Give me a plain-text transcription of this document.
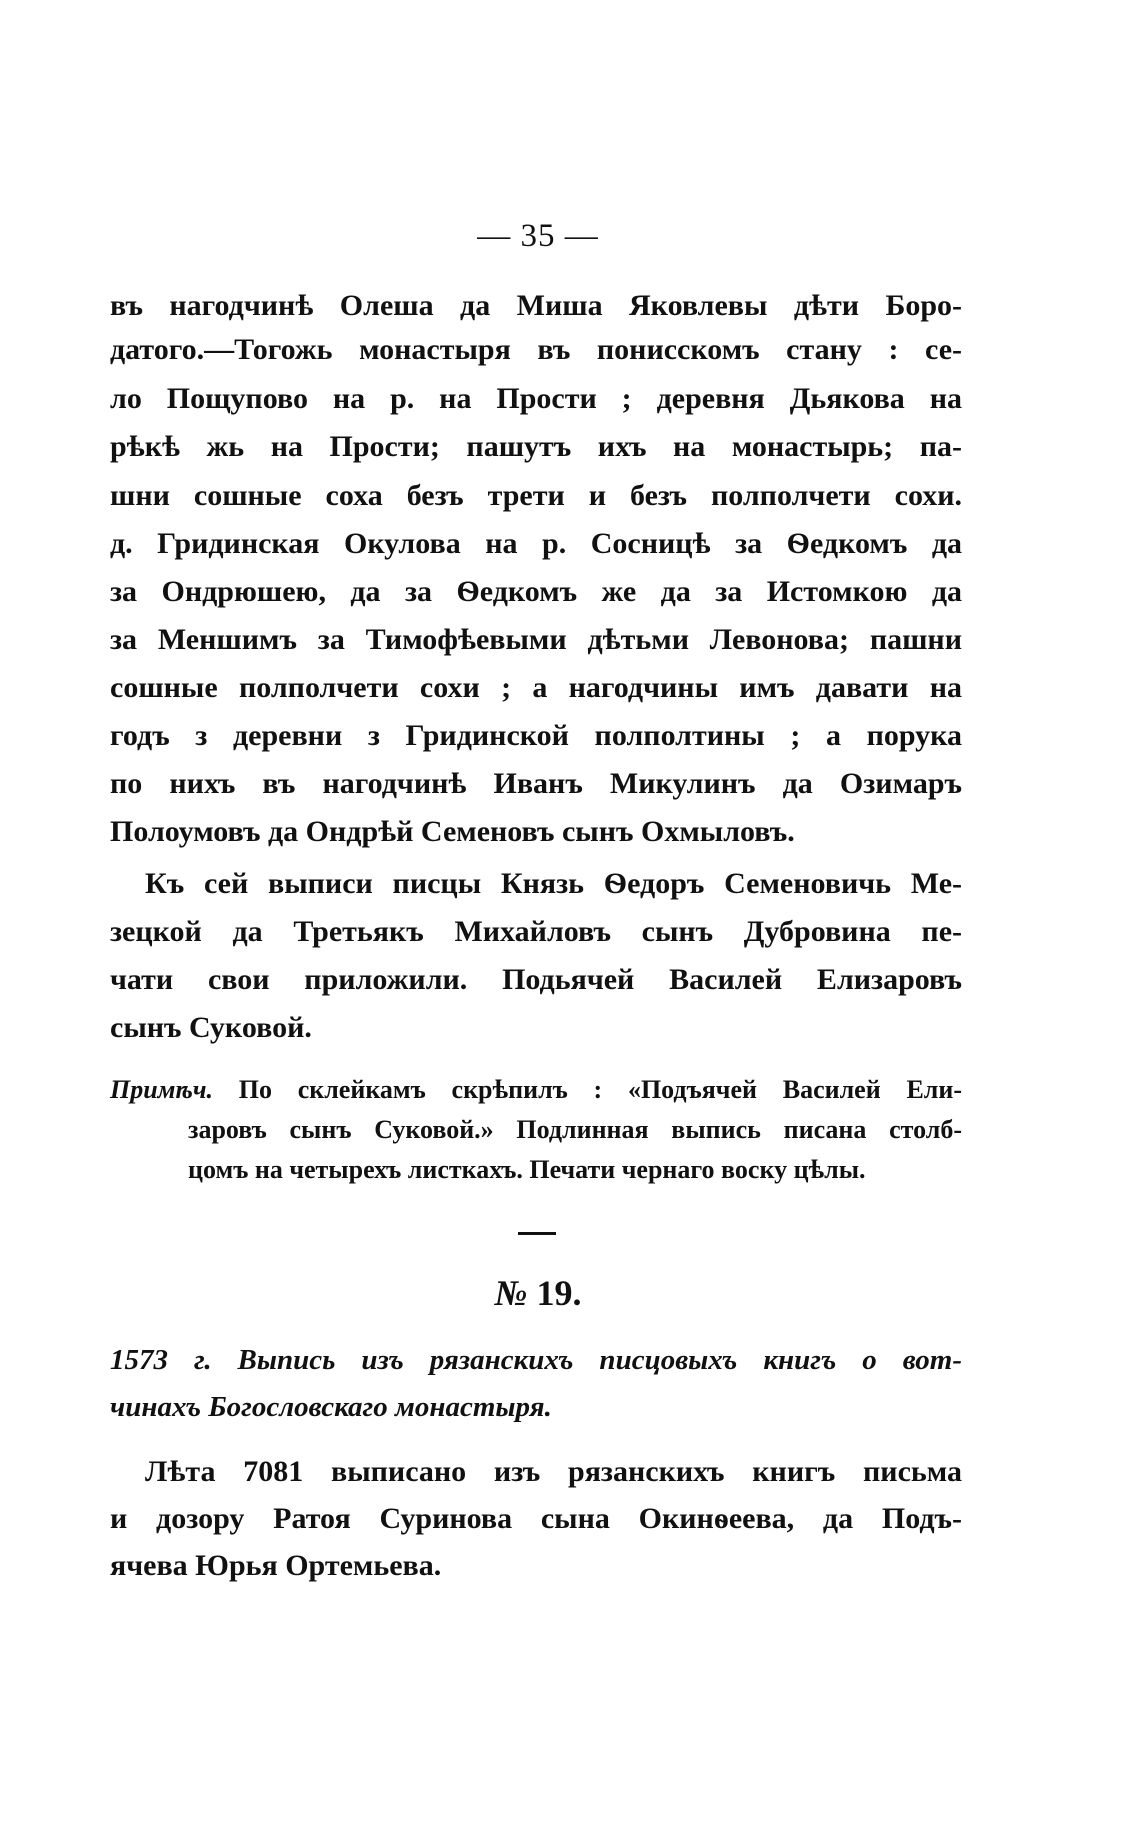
— 35 —
въ нагодчинѣ Олеша да Миша Яковлевы дѣти Боро-
датого.—Тогожь монастыря въ понисскомъ стану : се-
ло Пощупово на р. на Прости ; деревня Дьякова на
рѣкѣ жь на Прости; пашутъ ихъ на монастырь; па-
шни сошные соха безъ трети и безъ полполчети сохи.
д. Гридинская Окулова на р. Сосницѣ за Ѳедкомъ да
за Ондрюшею, да за Ѳедкомъ же да за Истомкою да
за Меншимъ за Тимофѣевыми дѣтьми Левонова; пашни
сошные полполчети сохи ; а нагодчины имъ давати на
годъ з деревни з Гридинской полполтины ; а порука
по нихъ въ нагодчинѣ Иванъ Микулинъ да Озимаръ
Полоумовъ да Ондрѣй Семеновъ сынъ Охмыловъ.
Къ сей выписи писцы Князь Ѳедоръ Семеновичь Ме-
зецкой да Третьякъ Михайловъ сынъ Дубровина пе-
чати свои приложили. Подьячей Василей Елизаровъ
сынъ Суковой.
Примѣч. По склейкамъ скрѣпилъ : «Подъячей Василей Ели-
заровъ сынъ Суковой.» Подлинная выпись писана столб-
цомъ на четырехъ листкахъ. Печати чернаго воску цѣлы.
№ 19.
1573 г. Выпись изъ рязанскихъ писцовыхъ книгъ о вот-
чинахъ Богословскаго монастыря.
Лѣта 7081 выписано изъ рязанскихъ книгъ письма
и дозору Ратоя Суринова сына Окинѳеева, да Подъ-
ячева Юрья Ортемьева.
